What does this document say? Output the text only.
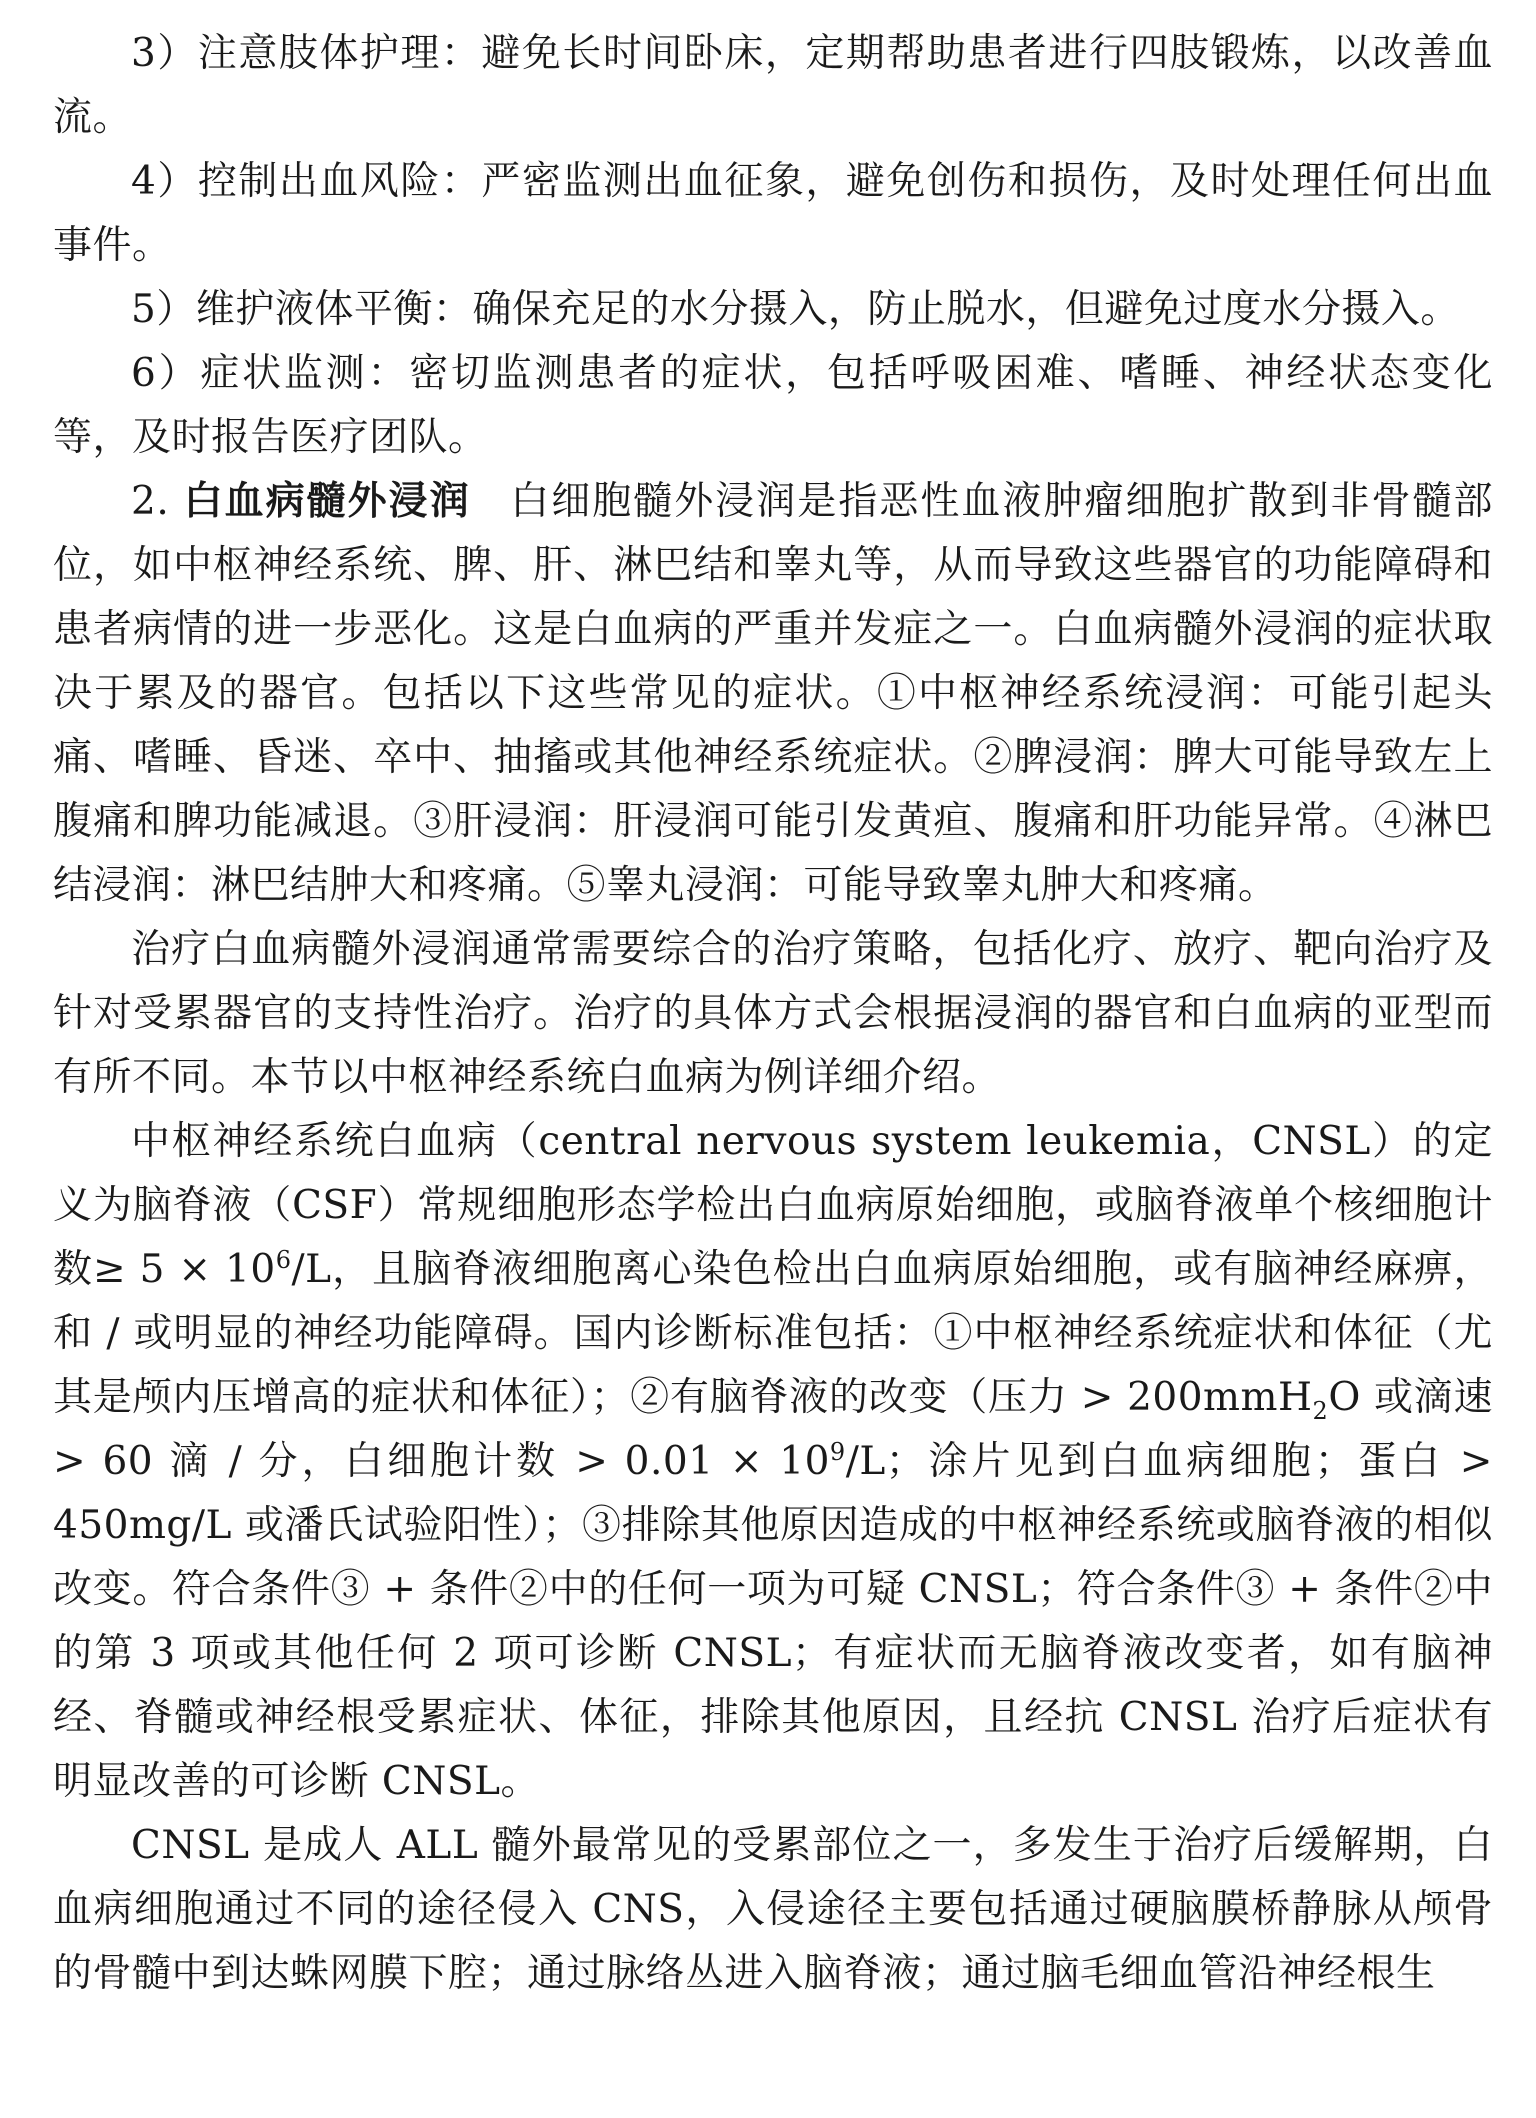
3）注意肢体护理：避免长时间卧床，定期帮助患者进行四肢锻炼，以改善血流。

4）控制出血风险：严密监测出血征象，避免创伤和损伤，及时处理任何出血事件。

5）维护液体平衡：确保充足的水分摄入，防止脱水，但避免过度水分摄入。

6）症状监测：密切监测患者的症状，包括呼吸困难、嗜睡、神经状态变化等，及时报告医疗团队。

2. 白血病髓外浸润 白细胞髓外浸润是指恶性血液肿瘤细胞扩散到非骨髓部位，如中枢神经系统、脾、肝、淋巴结和睾丸等，从而导致这些器官的功能障碍和患者病情的进一步恶化。这是白血病的严重并发症之一。白血病髓外浸润的症状取决于累及的器官。包括以下这些常见的症状。①中枢神经系统浸润：可能引起头痛、嗜睡、昏迷、卒中、抽搐或其他神经系统症状。②脾浸润：脾大可能导致左上腹痛和脾功能减退。③肝浸润：肝浸润可能引发黄疸、腹痛和肝功能异常。④淋巴结浸润：淋巴结肿大和疼痛。⑤睾丸浸润：可能导致睾丸肿大和疼痛。

治疗白血病髓外浸润通常需要综合的治疗策略，包括化疗、放疗、靶向治疗及针对受累器官的支持性治疗。治疗的具体方式会根据浸润的器官和白血病的亚型而有所不同。本节以中枢神经系统白血病为例详细介绍。

中枢神经系统白血病（central nervous system leukemia，CNSL）的定义为脑脊液（CSF）常规细胞形态学检出白血病原始细胞，或脑脊液单个核细胞计数≥ $5 \times 10^6/L$，且脑脊液细胞离心染色检出白血病原始细胞，或有脑神经麻痹，和 / 或明显的神经功能障碍。国内诊断标准包括：①中枢神经系统症状和体征（尤其是颅内压增高的症状和体征）；②有脑脊液的改变（压力 > 200mmH$_2$O 或滴速 > 60 滴 / 分，白细胞计数 > $0.01 \times 10^9/L$；涂片见到白血病细胞；蛋白 > 450mg/L 或潘氏试验阳性）；③排除其他原因造成的中枢神经系统或脑脊液的相似改变。符合条件③ + 条件②中的任何一项为可疑 CNSL；符合条件③ + 条件②中的第 3 项或其他任何 2 项可诊断 CNSL；有症状而无脑脊液改变者，如有脑神经、脊髓或神经根受累症状、体征，排除其他原因，且经抗 CNSL 治疗后症状有明显改善的可诊断 CNSL。

CNSL 是成人 ALL 髓外最常见的受累部位之一，多发生于治疗后缓解期，白血病细胞通过不同的途径侵入 CNS，入侵途径主要包括通过硬脑膜桥静脉从颅骨的骨髓中到达蛛网膜下腔；通过脉络丛进入脑脊液；通过脑毛细血管沿神经根生
